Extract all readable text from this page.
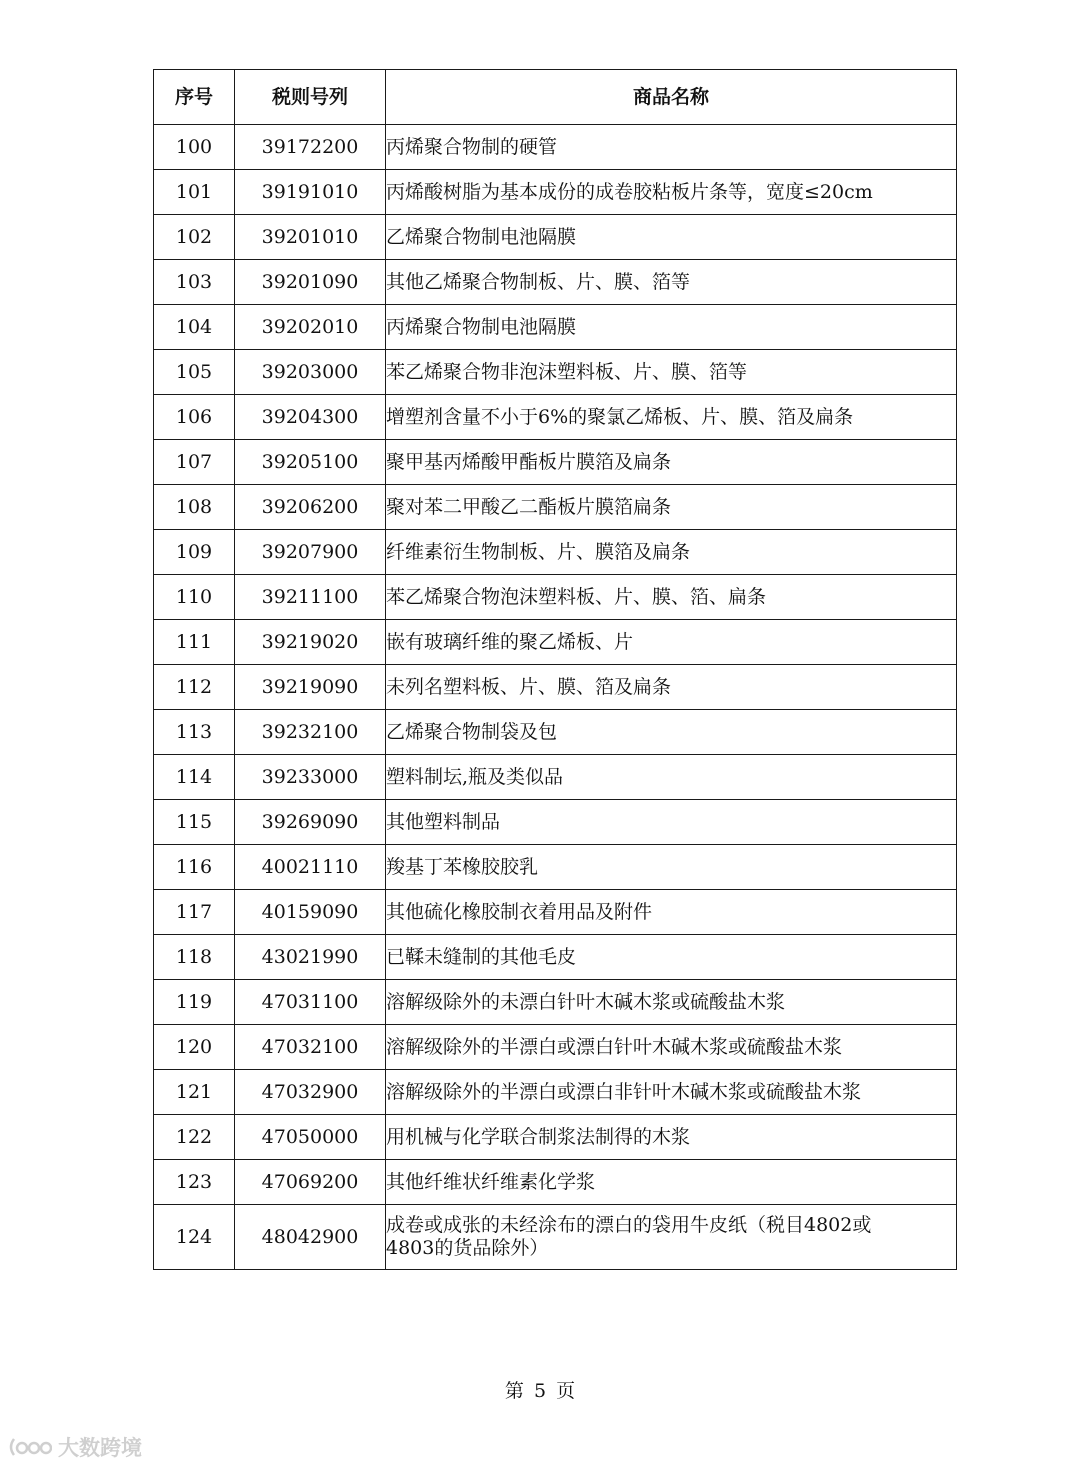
序号	税则号列	商品名称
100	39172200	丙烯聚合物制的硬管
101	39191010	丙烯酸树脂为基本成份的成卷胶粘板片条等，宽度≤20cm
102	39201010	乙烯聚合物制电池隔膜
103	39201090	其他乙烯聚合物制板、片、膜、箔等
104	39202010	丙烯聚合物制电池隔膜
105	39203000	苯乙烯聚合物非泡沫塑料板、片、膜、箔等
106	39204300	增塑剂含量不小于6%的聚氯乙烯板、片、膜、箔及扁条
107	39205100	聚甲基丙烯酸甲酯板片膜箔及扁条
108	39206200	聚对苯二甲酸乙二酯板片膜箔扁条
109	39207900	纤维素衍生物制板、片、膜箔及扁条
110	39211100	苯乙烯聚合物泡沫塑料板、片、膜、箔、扁条
111	39219020	嵌有玻璃纤维的聚乙烯板、片
112	39219090	未列名塑料板、片、膜、箔及扁条
113	39232100	乙烯聚合物制袋及包
114	39233000	塑料制坛,瓶及类似品
115	39269090	其他塑料制品
116	40021110	羧基丁苯橡胶胶乳
117	40159090	其他硫化橡胶制衣着用品及附件
118	43021990	已鞣未缝制的其他毛皮
119	47031100	溶解级除外的未漂白针叶木碱木浆或硫酸盐木浆
120	47032100	溶解级除外的半漂白或漂白针叶木碱木浆或硫酸盐木浆
121	47032900	溶解级除外的半漂白或漂白非针叶木碱木浆或硫酸盐木浆
122	47050000	用机械与化学联合制浆法制得的木浆
123	47069200	其他纤维状纤维素化学浆
124	48042900	成卷或成张的未经涂布的漂白的袋用牛皮纸（税目4802或
4803的货品除外）
第 5 页
大数跨境
